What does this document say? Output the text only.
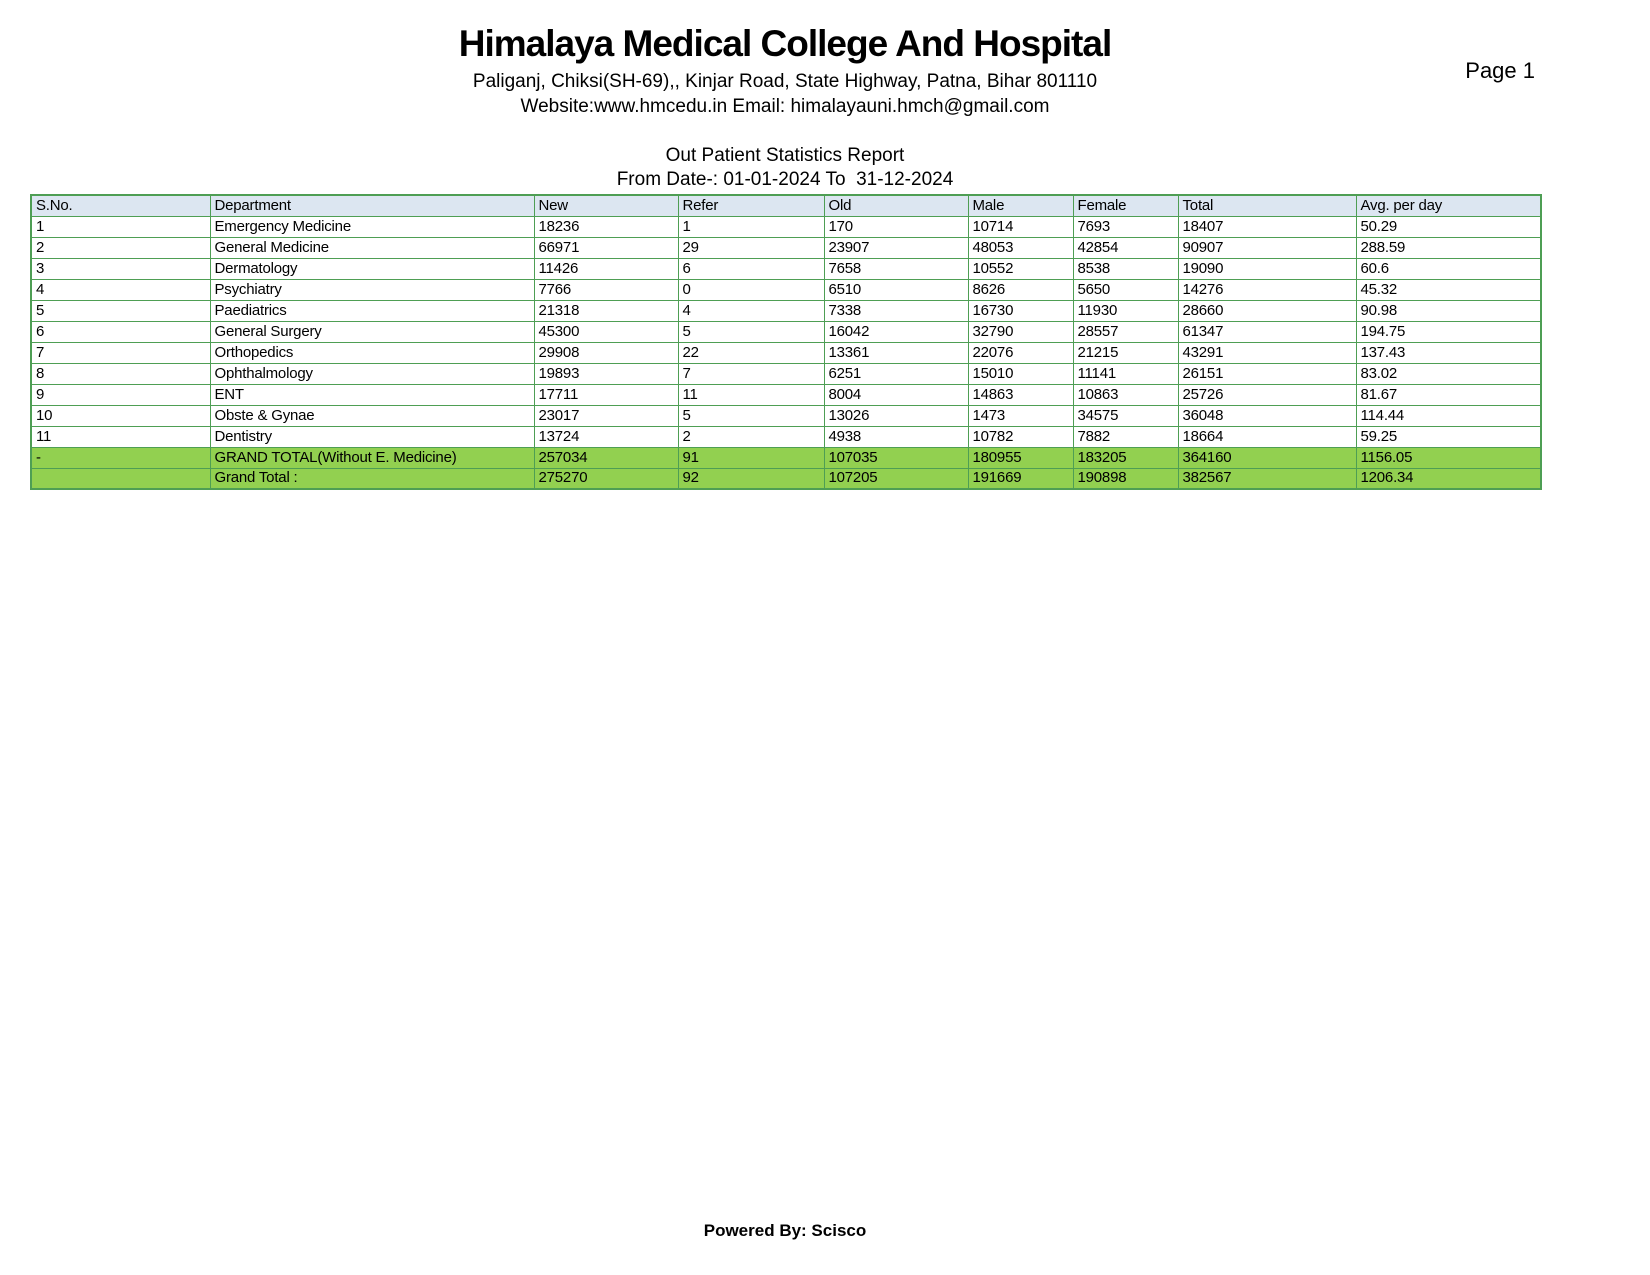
Page 1
Himalaya Medical College And Hospital
Paliganj, Chiksi(SH-69),, Kinjar Road, State Highway, Patna, Bihar 801110
Website:www.hmcedu.in Email: himalayauni.hmch@gmail.com
Out Patient Statistics Report
From Date-: 01-01-2024 To  31-12-2024
S.No.	Department	New	Refer	Old	Male	Female	Total	Avg. per day
1	Emergency Medicine	18236	1	170	10714	7693	18407	50.29
2	General Medicine	66971	29	23907	48053	42854	90907	288.59
3	Dermatology	11426	6	7658	10552	8538	19090	60.6
4	Psychiatry	7766	0	6510	8626	5650	14276	45.32
5	Paediatrics	21318	4	7338	16730	11930	28660	90.98
6	General Surgery	45300	5	16042	32790	28557	61347	194.75
7	Orthopedics	29908	22	13361	22076	21215	43291	137.43
8	Ophthalmology	19893	7	6251	15010	11141	26151	83.02
9	ENT	17711	11	8004	14863	10863	25726	81.67
10	Obste & Gynae	23017	5	13026	1473	34575	36048	114.44
11	Dentistry	13724	2	4938	10782	7882	18664	59.25
-	GRAND TOTAL(Without E. Medicine)	257034	91	107035	180955	183205	364160	1156.05
	Grand Total :	275270	92	107205	191669	190898	382567	1206.34
Powered By: Scisco
